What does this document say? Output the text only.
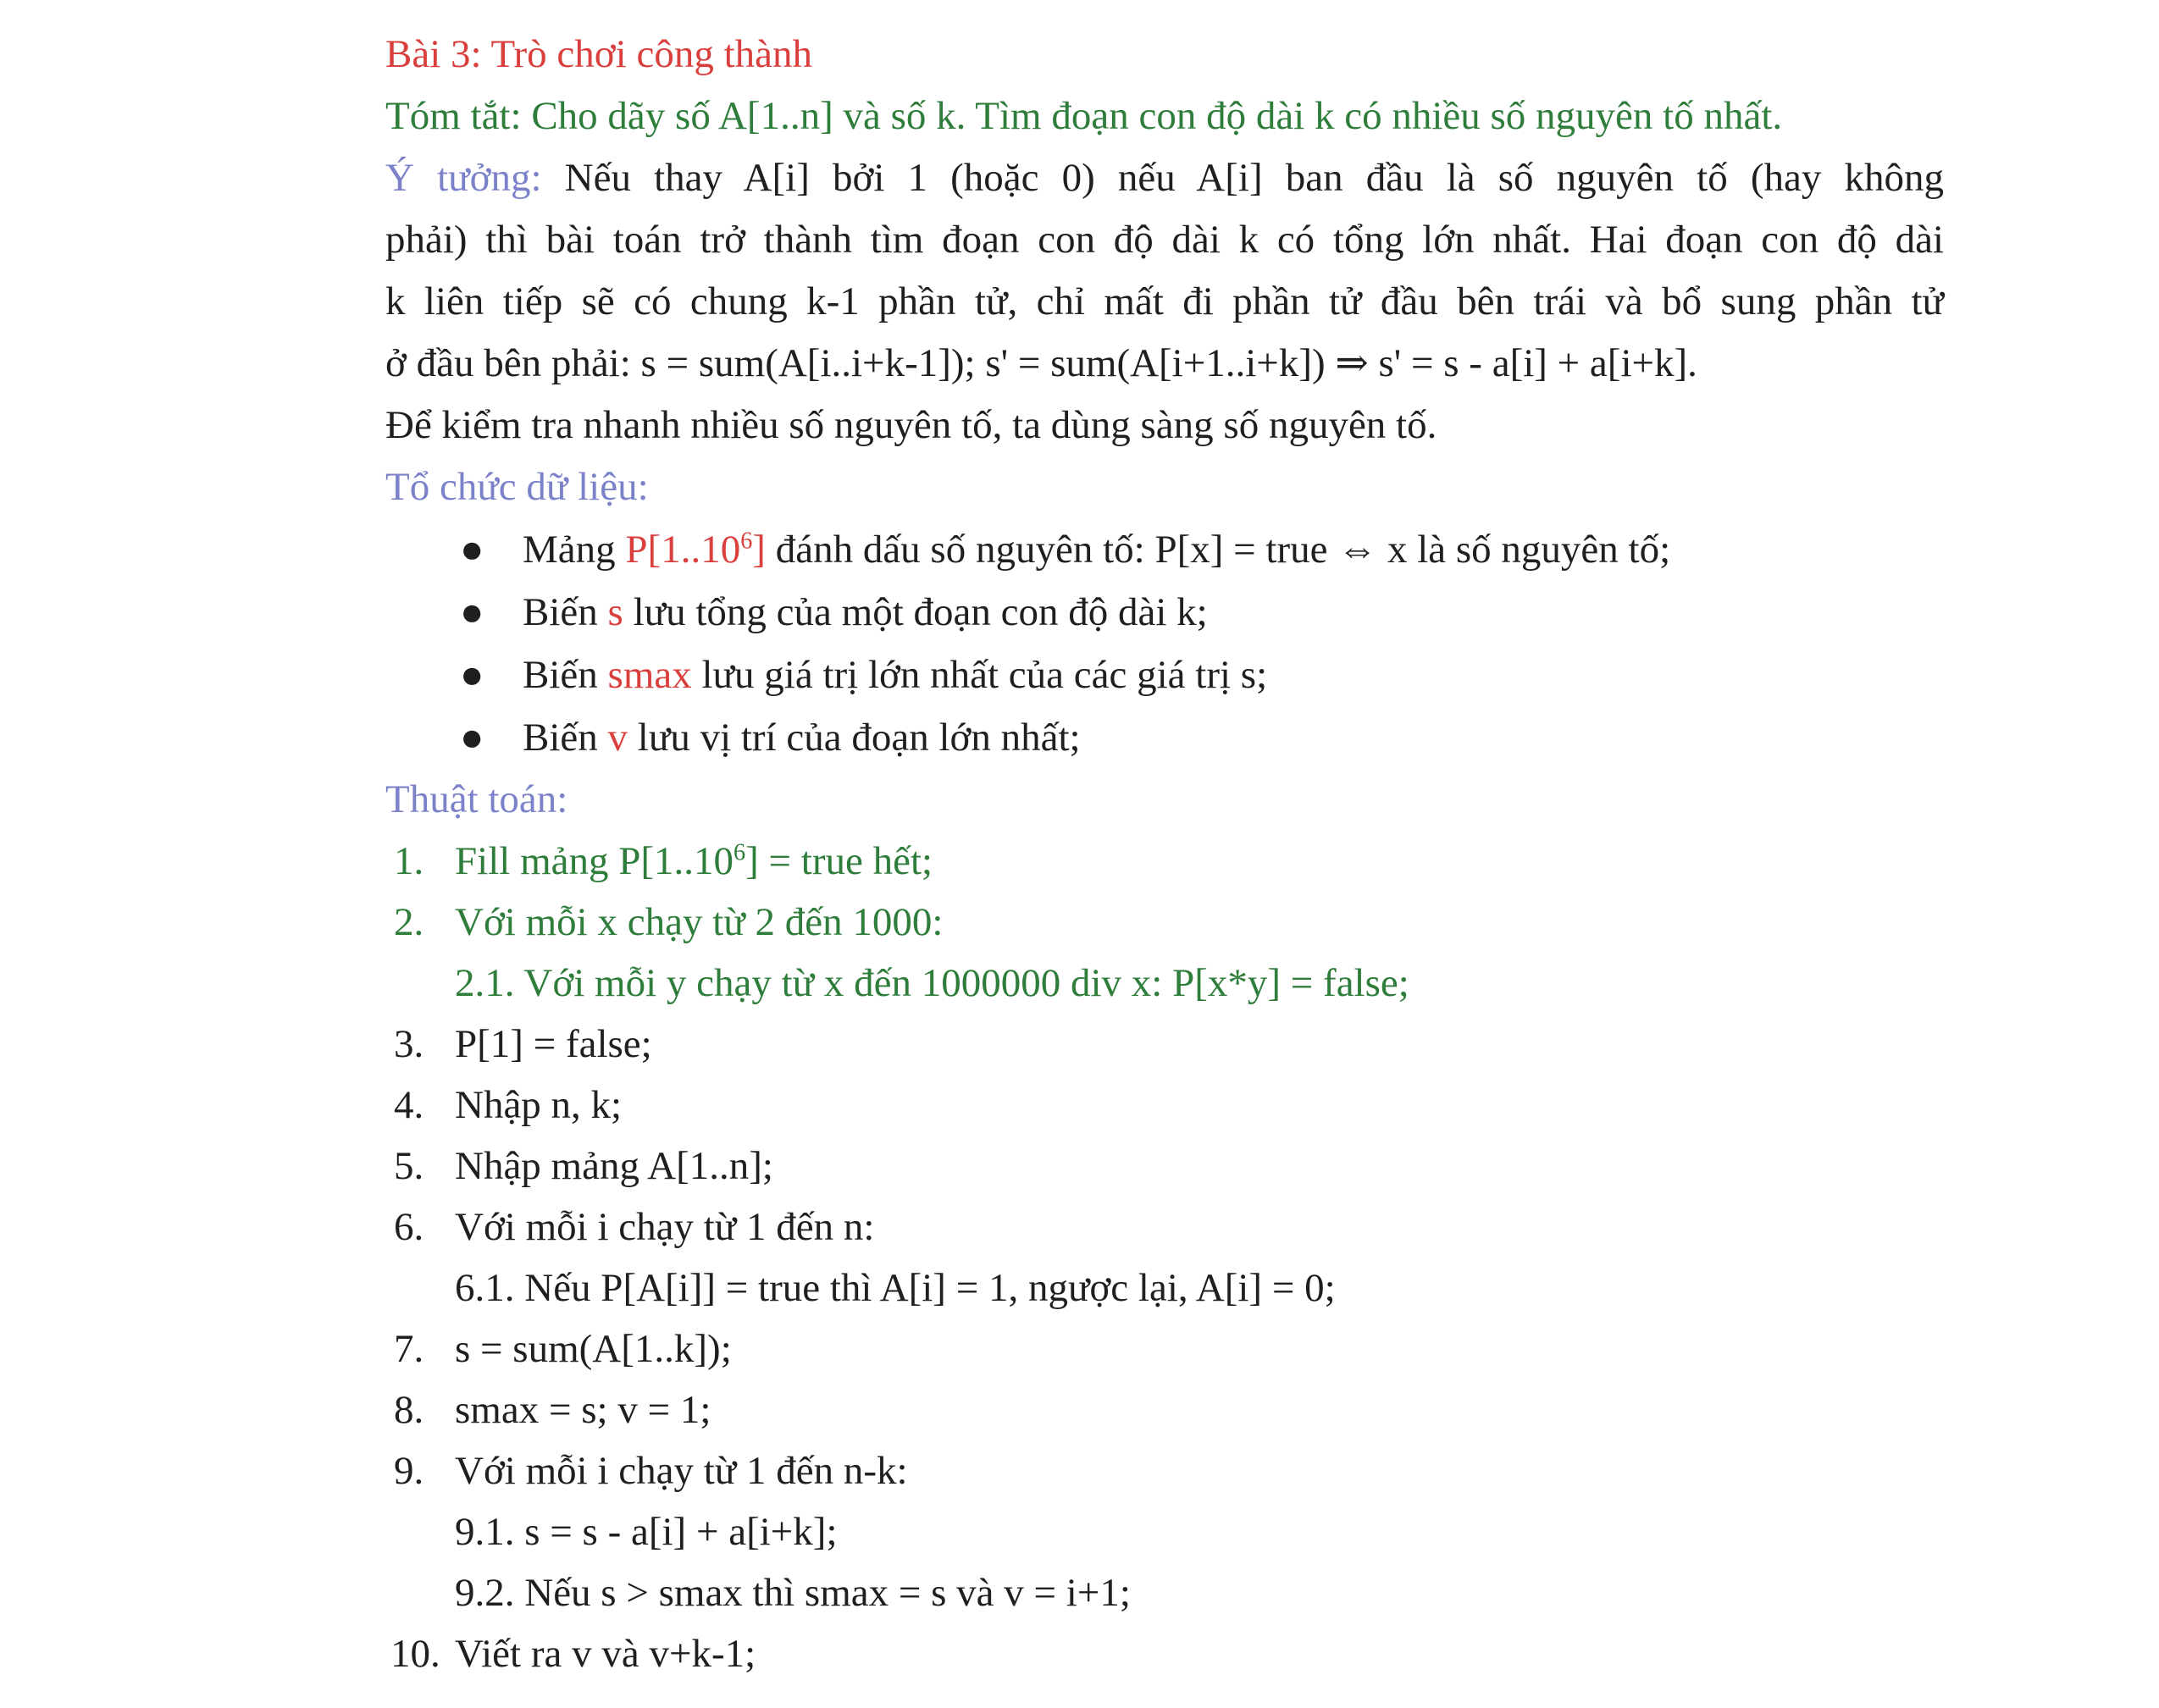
Bài 3: Trò chơi công thành
Tóm tắt: Cho dãy số A[1..n] và số k. Tìm đoạn con độ dài k có nhiều số nguyên tố nhất.
Ý tưởng: Nếu thay A[i] bởi 1 (hoặc 0) nếu A[i] ban đầu là số nguyên tố (hay không
phải) thì bài toán trở thành tìm đoạn con độ dài k có tổng lớn nhất. Hai đoạn con độ dài
k liên tiếp sẽ có chung k-1 phần tử, chỉ mất đi phần tử đầu bên trái và bổ sung phần tử
ở đầu bên phải: s = sum(A[i..i+k-1]); s' = sum(A[i+1..i+k]) ⇒ s' = s - a[i] + a[i+k].
Để kiểm tra nhanh nhiều số nguyên tố, ta dùng sàng số nguyên tố.
Tổ chức dữ liệu:
● Mảng P[1..10$^6$] đánh dấu số nguyên tố: P[x] = true ⇔ x là số nguyên tố;
● Biến s lưu tổng của một đoạn con độ dài k;
● Biến smax lưu giá trị lớn nhất của các giá trị s;
● Biến v lưu vị trí của đoạn lớn nhất;
Thuật toán:
1. Fill mảng $P[1..10^6]$ = true hết;
2. Với mỗi x chạy từ 2 đến 1000:
2.1. Với mỗi y chạy từ x đến 1000000 div x: P[x*y] = false;
3. P[1] = false;
4. Nhập n, k;
5. Nhập mảng A[1..n];
6. Với mỗi i chạy từ 1 đến n:
6.1. Nếu P[A[i]] = true thì A[i] = 1, ngược lại, A[i] = 0;
7. s = sum(A[1..k]);
8. smax = s; v = 1;
9. Với mỗi i chạy từ 1 đến n-k:
9.1. s = s - a[i] + a[i+k];
9.2. Nếu s > smax thì smax = s và v = i+1;
10. Viết ra v và v+k-1;
